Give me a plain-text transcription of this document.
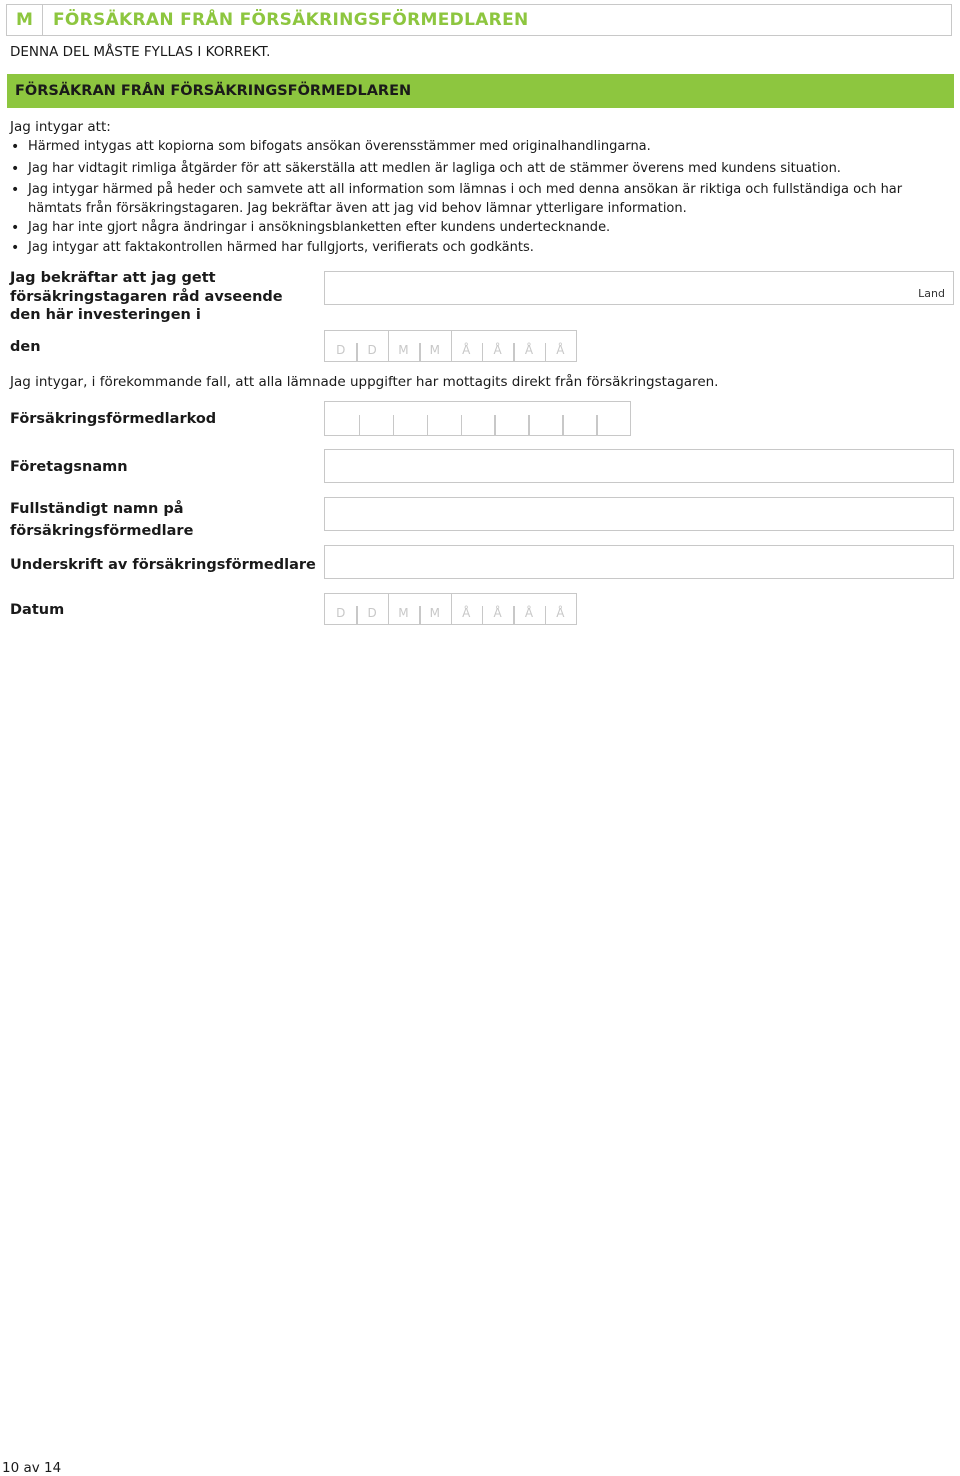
M	FÖRSÄKRAN FRÅN FÖRSÄKRINGSFÖRMEDLAREN
DENNA DEL MÅSTE FYLLAS I KORREKT.
FÖRSÄKRAN FRÅN FÖRSÄKRINGSFÖRMEDLAREN
Jag intygar att:
• Härmed intygas att kopiorna som bifogats ansökan överensstämmer med originalhandlingarna.
• Jag har vidtagit rimliga åtgärder för att säkerställa att medlen är lagliga och att de stämmer överens med kundens situation.
• Jag intygar härmed på heder och samvete att all information som lämnas i och med denna ansökan är riktiga och fullständiga och har hämtats från försäkringstagaren. Jag bekräftar även att jag vid behov lämnar ytterligare information.
• Jag har inte gjort några ändringar i ansökningsblanketten efter kundens undertecknande.
• Jag intygar att faktakontrollen härmed har fullgjorts, verifierats och godkänts.
Jag bekräftar att jag gett försäkringstagaren råd avseende den här investeringen i
Land
den	D	D	M	M	Å	Å	Å	Å
Jag intygar, i förekommande fall, att alla lämnade uppgifter har mottagits direkt från försäkringstagaren.
Försäkringsförmedlarkod
Företagsnamn
Fullständigt namn på försäkringsförmedlare
Underskrift av försäkringsförmedlare
Datum	D	D	M	M	Å	Å	Å	Å
10 av 14
